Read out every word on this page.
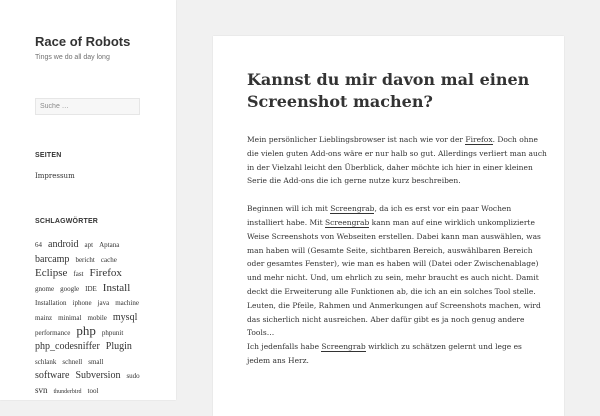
Race of Robots
Tings we do all day long
Suche …
SEITEN
Impressum
SCHLAGWÖRTER
64 android apt Aptana barcamp bericht cache Eclipse fast Firefox gnome google IDE Install Installation iphone java machine mainz minimal mobile mysql performance php phpunit php_codesniffer Plugin schlank schnell small software Subversion sudo svn thunderbird tool
Kannst du mir davon mal einen Screenshot machen?

Mein persönlicher Lieblingsbrowser ist nach wie vor der Firefox. Doch ohne die vielen guten Add-ons wäre er nur halb so gut. Allerdings verliert man auch in der Vielzahl leicht den Überblick, daher möchte ich hier in einer kleinen Serie die Add-ons die ich gerne nutze kurz beschreiben.

Beginnen will ich mit Screengrab, da ich es erst vor ein paar Wochen installiert habe. Mit Screengrab kann man auf eine wirklich unkomplizierte Weise Screenshots von Webseiten erstellen. Dabei kann man auswählen, was man haben will (Gesamte Seite, sichtbaren Bereich, auswählbaren Bereich oder gesamtes Fenster), wie man es haben will (Datei oder Zwischenablage) und mehr nicht. Und, um ehrlich zu sein, mehr braucht es auch nicht. Damit deckt die Erweiterung alle Funktionen ab, die ich an ein solches Tool stelle. Leuten, die Pfeile, Rahmen und Anmerkungen auf Screenshots machen, wird das sicherlich nicht ausreichen. Aber dafür gibt es ja noch genug andere Tools…

Ich jedenfalls habe Screengrab wirklich zu schätzen gelernt und lege es jedem ans Herz.
